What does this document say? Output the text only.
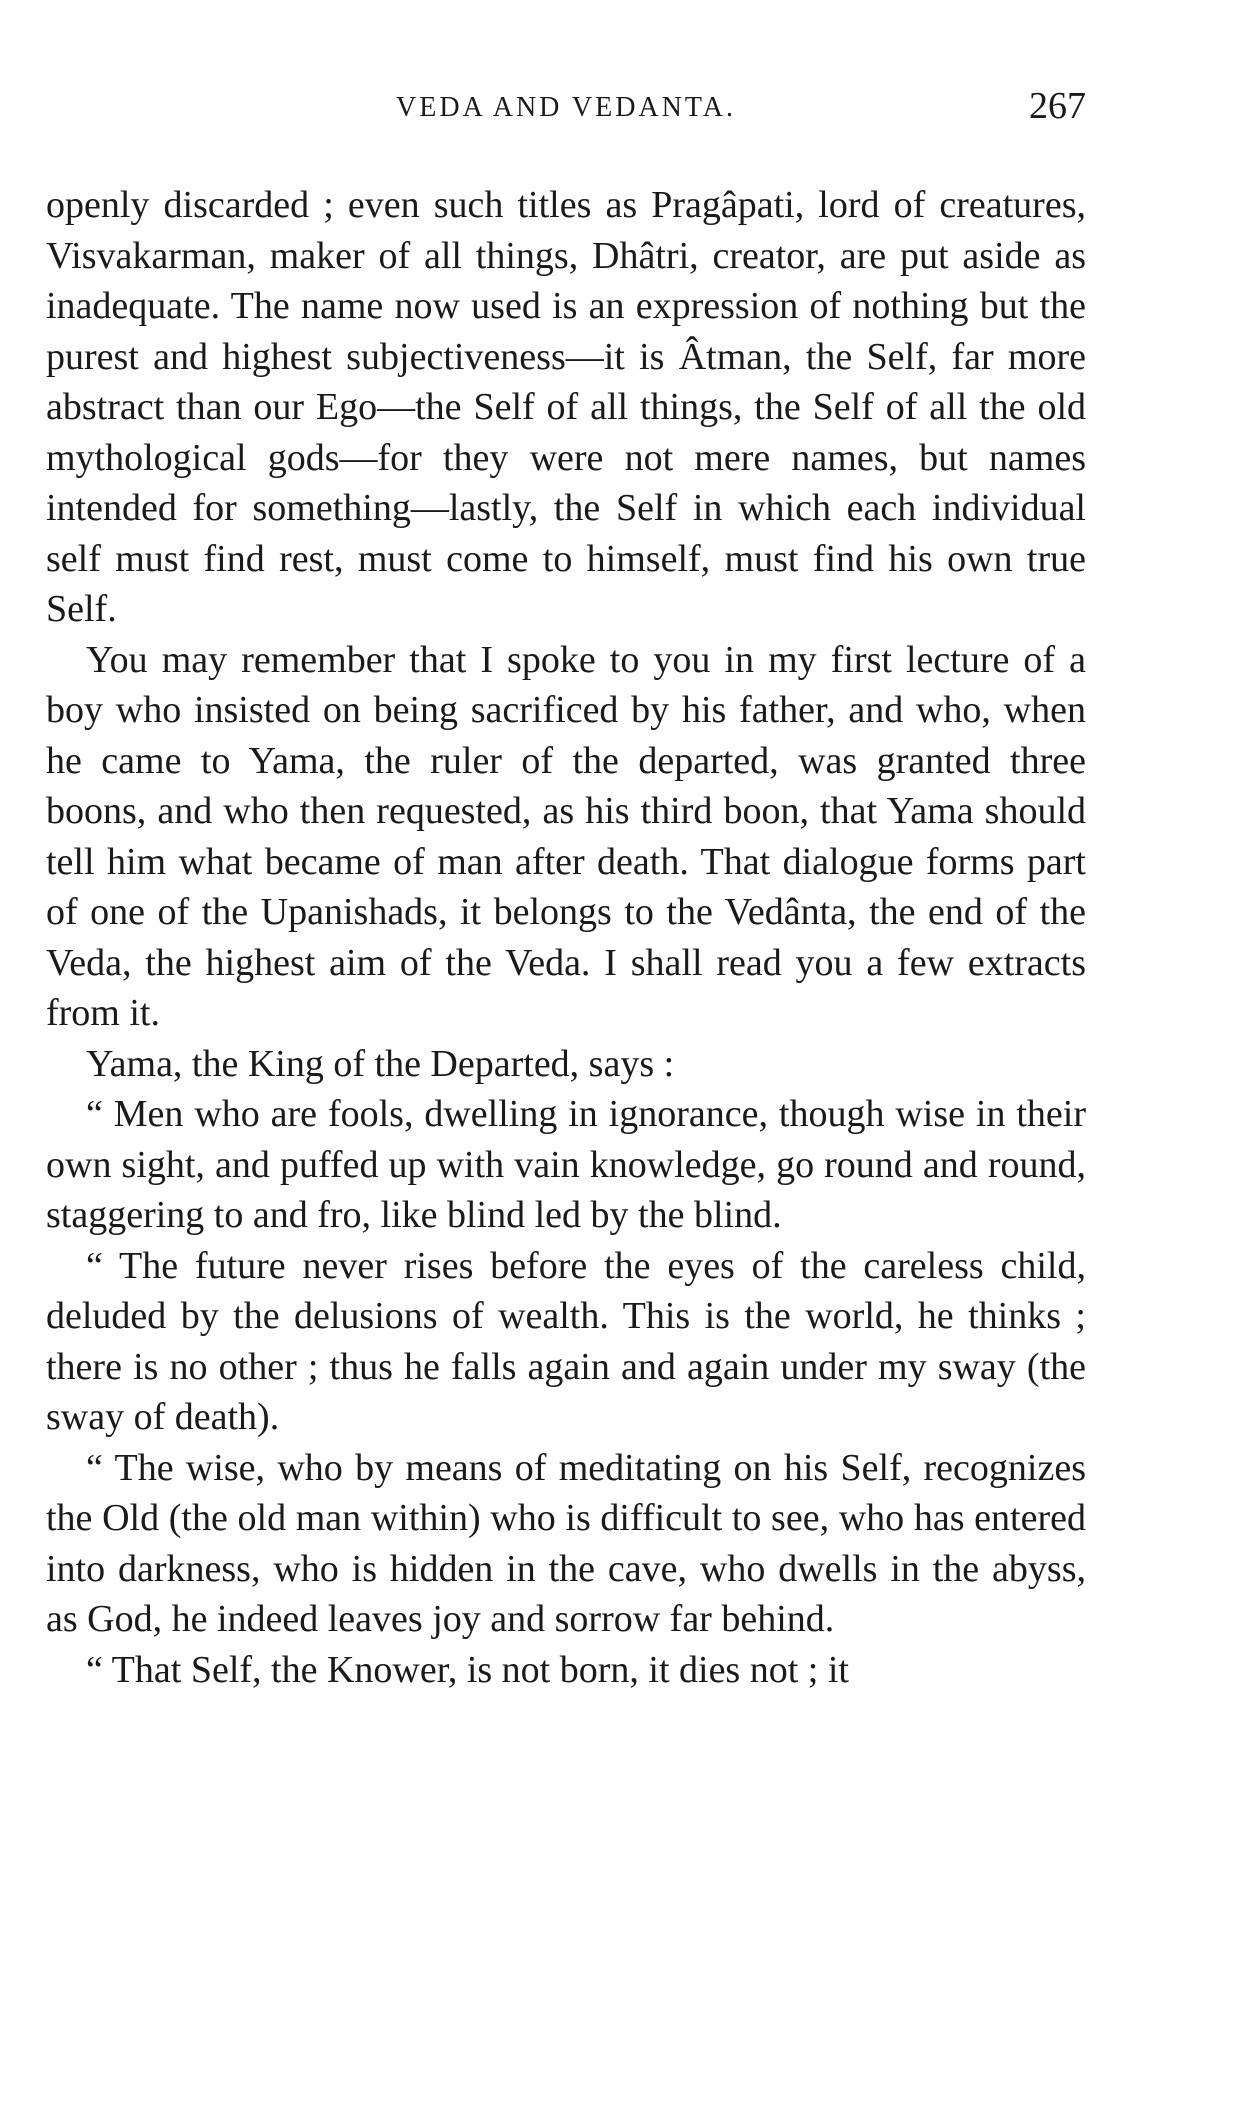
VEDA AND VEDANTA.	267

openly discarded ; even such titles as Pragâpati, lord of creatures, Visvakarman, maker of all things, Dhâtri, creator, are put aside as inadequate. The name now used is an expression of nothing but the purest and highest subjectiveness—it is Âtman, the Self, far more abstract than our Ego—the Self of all things, the Self of all the old mythological gods—for they were not mere names, but names intended for something—lastly, the Self in which each individual self must find rest, must come to himself, must find his own true Self.

You may remember that I spoke to you in my first lecture of a boy who insisted on being sacrificed by his father, and who, when he came to Yama, the ruler of the departed, was granted three boons, and who then requested, as his third boon, that Yama should tell him what became of man after death. That dialogue forms part of one of the Upanishads, it belongs to the Vedânta, the end of the Veda, the highest aim of the Veda. I shall read you a few extracts from it.

Yama, the King of the Departed, says :

“ Men who are fools, dwelling in ignorance, though wise in their own sight, and puffed up with vain knowledge, go round and round, staggering to and fro, like blind led by the blind.

“ The future never rises before the eyes of the careless child, deluded by the delusions of wealth. This is the world, he thinks ; there is no other ; thus he falls again and again under my sway (the sway of death).

“ The wise, who by means of meditating on his Self, recognizes the Old (the old man within) who is difficult to see, who has entered into darkness, who is hidden in the cave, who dwells in the abyss, as God, he indeed leaves joy and sorrow far behind.

“ That Self, the Knower, is not born, it dies not ; it
